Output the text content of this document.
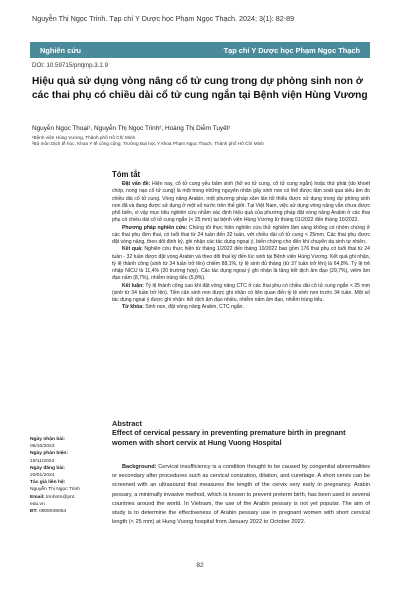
Nguyễn Thị Ngọc Trinh. Tạp chí Y Dược học Phạm Ngọc Thạch. 2024; 3(1): 82-89
Nghiên cứu	Tạp chí Y Dược học Phạm Ngọc Thạch
DOI: 10.59715/pntjmp.3.1.9
Hiệu quả sử dụng vòng nâng cổ tử cung trong dự phòng sinh non ở các thai phụ có chiều dài cổ tử cung ngắn tại Bệnh viện Hùng Vương
Nguyễn Ngọc Thoại¹, Nguyễn Thị Ngọc Trinh², Hoàng Thị Diễm Tuyết¹
¹Bệnh viện Hùng Vương, Thành phố Hồ Chí Minh
²Bộ môn Dịch tễ học, Khoa Y tế công cộng, Trường Đại học Y khoa Phạm Ngọc Thạch, Thành phố Hồ Chí Minh
Tóm tắt

Đặt vấn đề: Hiện nay, cổ tử cung yếu bẩm sinh (hở eo tử cung, cổ tử cung ngắn) hoặc thứ phát (do khoét chóp, nong nạo cổ tử cung) là một trong những nguyên nhân gây sinh non có thể được tầm soát qua siêu âm đo chiều dài cổ tử cung. Vòng nâng Arabin, một phương pháp xâm lấn tối thiểu được sử dụng trong dự phòng sinh non đã và đang được sử dụng ở một số nước trên thế giới. Tại Việt Nam, việc sử dụng vòng nâng vẫn chưa được phổ biến, vì vậy mục tiêu nghiên cứu nhằm xác định hiệu quả của phương pháp đặt vòng nâng Arabin ở các thai phụ có chiều dài cổ tử cung ngắn (< 25 mm) tại bệnh viện Hùng Vương từ tháng 01/2022 đến tháng 10/2022.

Phương pháp nghiên cứu: Chúng tôi thực hiện nghiên cứu thử nghiệm lâm sàng không có nhóm chứng ở các thai phụ đơn thai, có tuổi thai từ 24 tuần đến 32 tuần, với chiều dài cổ tử cung < 25mm. Các thai phụ được đặt vòng nâng, theo dõi định kỳ, ghi nhận các tác dụng ngoại ý, biến chứng cho đến khi chuyển dạ sinh tự nhiên.

Kết quả: Nghiên cứu thực hiện từ tháng 1/2022 đến tháng 10/2022 bao gồm 176 thai phụ có tuổi thai từ 24 tuần - 32 tuần được đặt vòng Arabin và theo dõi thai kỳ đến lúc sinh tại Bệnh viện Hùng Vương. Kết quả ghi nhận, tỷ lệ thành công (sinh từ 34 tuần trở lên) chiếm 88,1%, tỷ lệ sinh đủ tháng (từ 37 tuần trở lên) là 64,8%. Tỷ lệ trẻ nhập NICU là 11,4% (20 trường hợp). Các tác dụng ngoại ý ghi nhận là tăng tiết dịch âm đạo (29,7%), viêm âm đạo nấm (8,7%), nhiễm trùng tiểu (5,8%).

Kết luận: Tỷ lệ thành công cao khi đặt vòng nâng CTC ở các thai phụ có chiều dài cổ tử cung ngắn < 25 mm (sinh từ 34 tuần trở lên). Tiền căn sinh non được ghi nhận có liên quan đến tỷ lệ sinh non trước 34 tuần. Một số tác dụng ngoại ý được ghi nhận: tiết dịch âm đạo nhiều, nhiễm nấm âm đạo, nhiễm trùng tiểu.

Từ khóa: Sinh non, đặt vòng nâng Arabin, CTC ngắn.

Abstract
Effect of cervical pessary in preventing premature birth in pregnant women with short cervix at Hung Vuong Hospital

Background: Cervical insufficiency is a condition thought to be caused by congenital abnormalities or secondary after procedures such as cervical conization, dilation, and curettage. A short cervix can be screened with an ultrasound that measures the length of the cervix very early in pregnancy. Arabin pessary, a minimally invasive method, which is known to prevent preterm birth, has been used in several countries around the world. In Vietnam, the use of the Arabin pessary is not yet popular. The aim of study is to determine the effectiveness of Arabin pessary use in pregnant women with short cervical length (< 25 mm) at Hung Vuong hospital from January 2022 to October 2022.

Ngày nhận bài:
06/10/2023
Ngày phản biện:
19/11/2023
Ngày đăng bài:
20/01/2024
Tác giả liên hệ:
Nguyễn Thị Ngọc Trinh
Email: trinhntn@pnt.
edu.vn
ĐT: 0908049054
82
